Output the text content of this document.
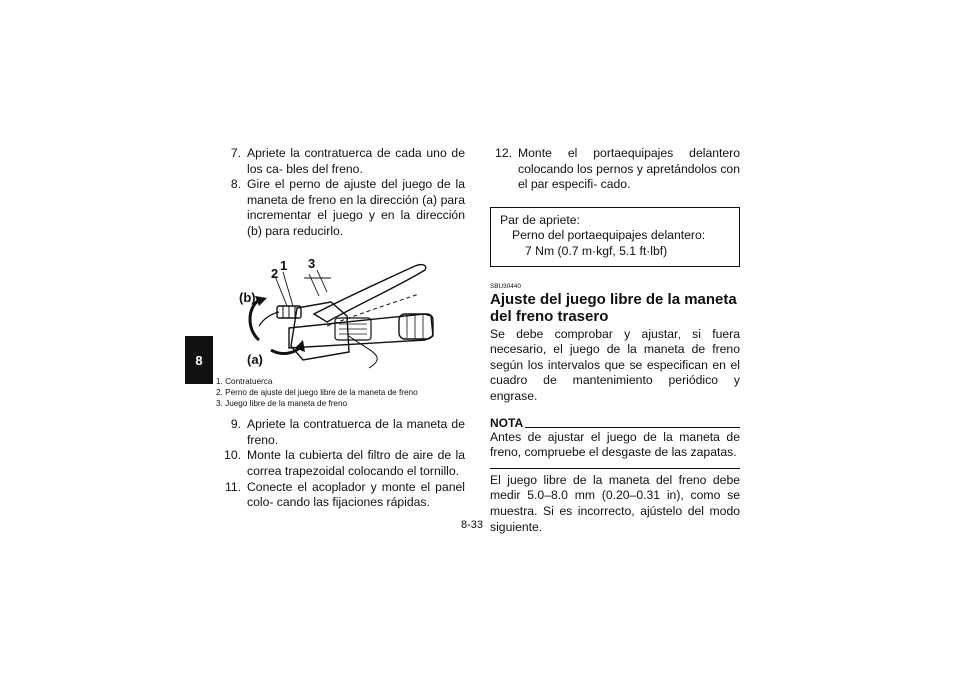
8
7. Apriete la contratuerca de cada uno de los ca- bles del freno.
8. Gire el perno de ajuste del juego de la maneta de freno en la dirección (a) para incrementar el juego y en la dirección (b) para reducirlo.
(b)
(a)
2
1 3
1. Contratuerca
2. Perno de ajuste del juego libre de la maneta de freno
3. Juego libre de la maneta de freno
9. Apriete la contratuerca de la maneta de freno.
10. Monte la cubierta del filtro de aire de la correa trapezoidal colocando el tornillo.
11. Conecte el acoplador y monte el panel colo- cando las fijaciones rápidas.
12. Monte el portaequipajes delantero colocando los pernos y apretándolos con el par especifi- cado.
Par de apriete:
Perno del portaequipajes delantero:
7 Nm (0.7 m·kgf, 5.1 ft·lbf)
SBU30440
Ajuste del juego libre de la maneta del freno trasero
Se debe comprobar y ajustar, si fuera necesario, el juego de la maneta de freno según los intervalos que se especifican en el cuadro de mantenimiento periódico y engrase.
NOTA
Antes de ajustar el juego de la maneta de freno, compruebe el desgaste de las zapatas.
El juego libre de la maneta del freno debe medir 5.0–8.0 mm (0.20–0.31 in), como se muestra. Si es incorrecto, ajústelo del modo siguiente.
8-33
